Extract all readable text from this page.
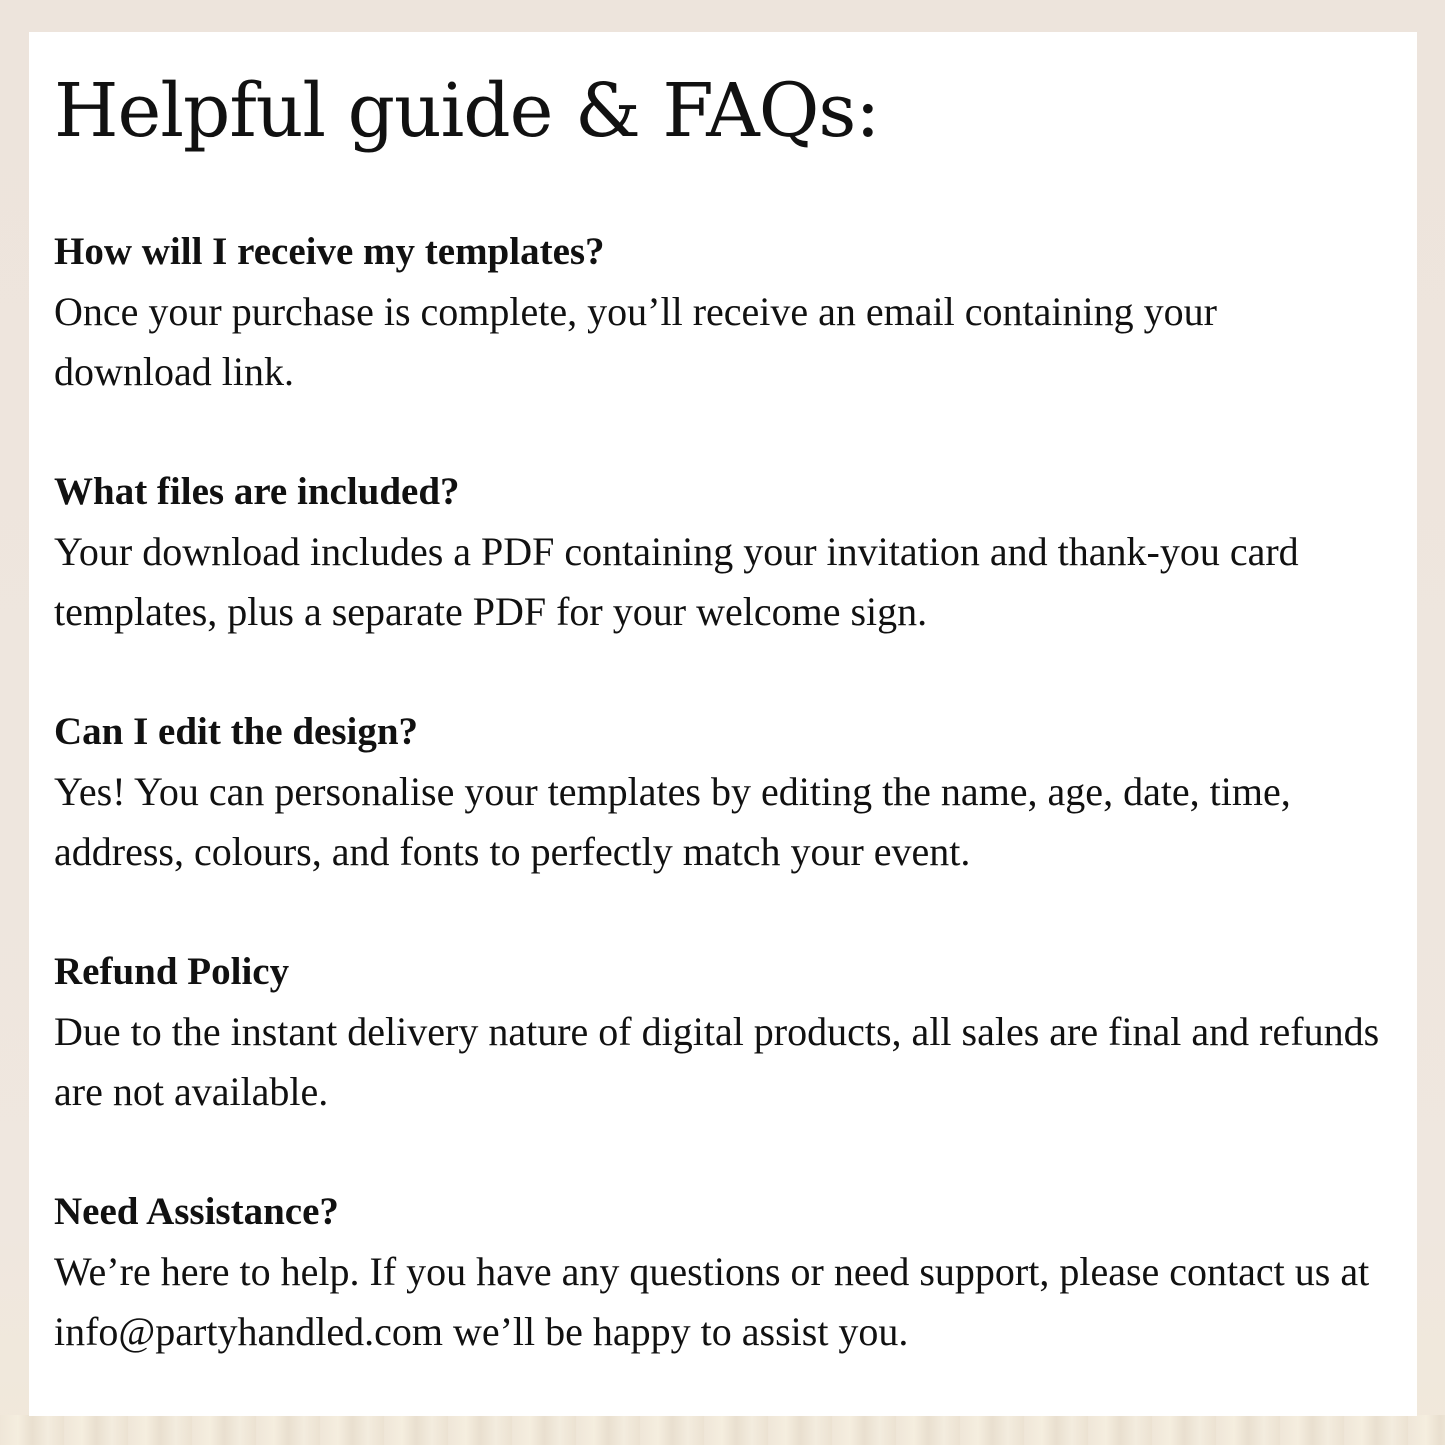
Helpful guide & FAQs:

How will I receive my templates?

Once your purchase is complete, you’ll receive an email containing your download link.

What files are included?

Your download includes a PDF containing your invitation and thank-you card templates, plus a separate PDF for your welcome sign.

Can I edit the design?

Yes! You can personalise your templates by editing the name, age, date, time, address, colours, and fonts to perfectly match your event.

Refund Policy

Due to the instant delivery nature of digital products, all sales are final and refunds are not available.

Need Assistance?

We’re here to help. If you have any questions or need support, please contact us at info@partyhandled.com we’ll be happy to assist you.
